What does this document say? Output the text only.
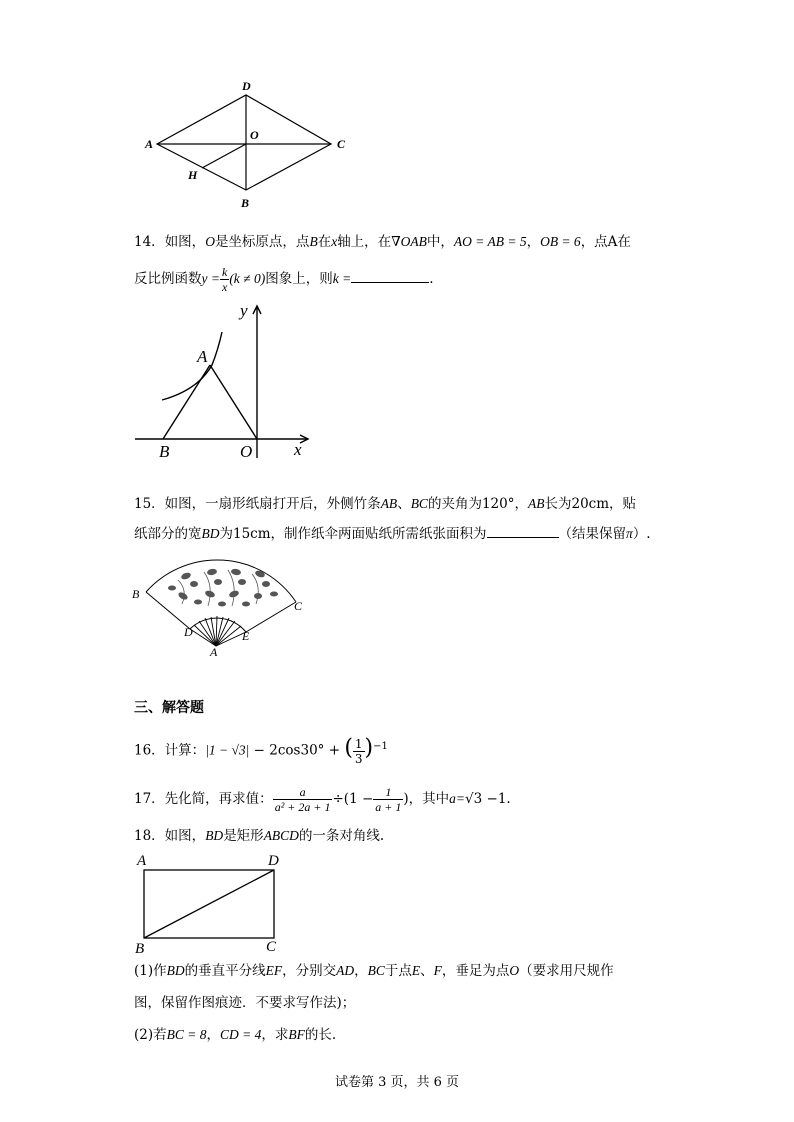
D
A
O
C
H
B
14．如图，O是坐标原点，点B在x轴上，在∇OAB中，AO = AB = 5，OB = 6，点A在
反比例函数$y = \frac{k}{x} (k \ne 0)$图象上，则k =	.
y
A
B	O x
15．如图，一扇形纸扇打开后，外侧竹条AB、BC的夹角为120°，AB长为20cm，贴
纸部分的宽BD为15cm，制作纸伞两面贴纸所需纸张面积为	（结果保留π）.
B
C
D	E
A
三、解答题
16．计算：|1 − √3| − 2cos30° + ( $\frac{1}{3} )^{-1}$
17．先化简，再求值： $\frac{a}{\text{a² + 2a + 1}} \div(1 - \frac{1}{a + 1}$ )，其中a=√3 −1.
18．如图，BD是矩形ABCD的一条对角线.
A	D
B	C
(1)作BD的垂直平分线EF，分别交AD，BC于点E、F，垂足为点O（要求用尺规作
图，保留作图痕迹．不要求写作法)；
(2)若BC = 8，CD = 4，求BF的长.
试卷第 3 页，共 6 页
